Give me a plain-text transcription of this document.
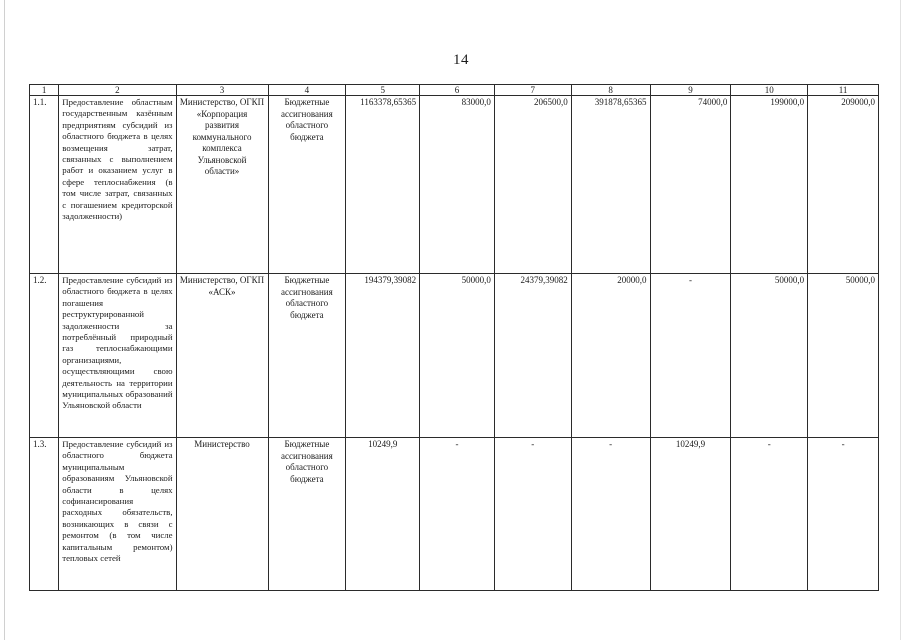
14
1	2	3	4	5	6	7	8	9	10	11
1.1.	Предоставление областным государственным казённым предприятиям субсидий из областного бюджета в целях возмещения затрат, связанных с выполнением работ и оказанием услуг в сфере теплоснабжения (в том числе затрат, связанных с погашением кредиторской задолженности)	Министерство, ОГКП «Корпорация развития коммунального комплекса Ульяновской области»	Бюджетные ассигнования областного бюджета	1163378,65365	83000,0	206500,0	391878,65365	74000,0	199000,0	209000,0
1.2.	Предоставление субсидий из областного бюджета в целях погашения реструктурированной задолженности за потреблённый природный газ теплоснабжающими организациями, осуществляющими свою деятельность на территории муниципальных образований Ульяновской области	Министерство, ОГКП «АСК»	Бюджетные ассигнования областного бюджета	194379,39082	50000,0	24379,39082	20000,0	-	50000,0	50000,0
1.3.	Предоставление субсидий из областного бюджета муниципальным образованиям Ульяновской области в целях софинансирования расходных обязательств, возникающих в связи с ремонтом (в том числе капитальным ремонтом) тепловых сетей	Министерство	Бюджетные ассигнования областного бюджета	10249,9	-	-	-	10249,9	-	-
